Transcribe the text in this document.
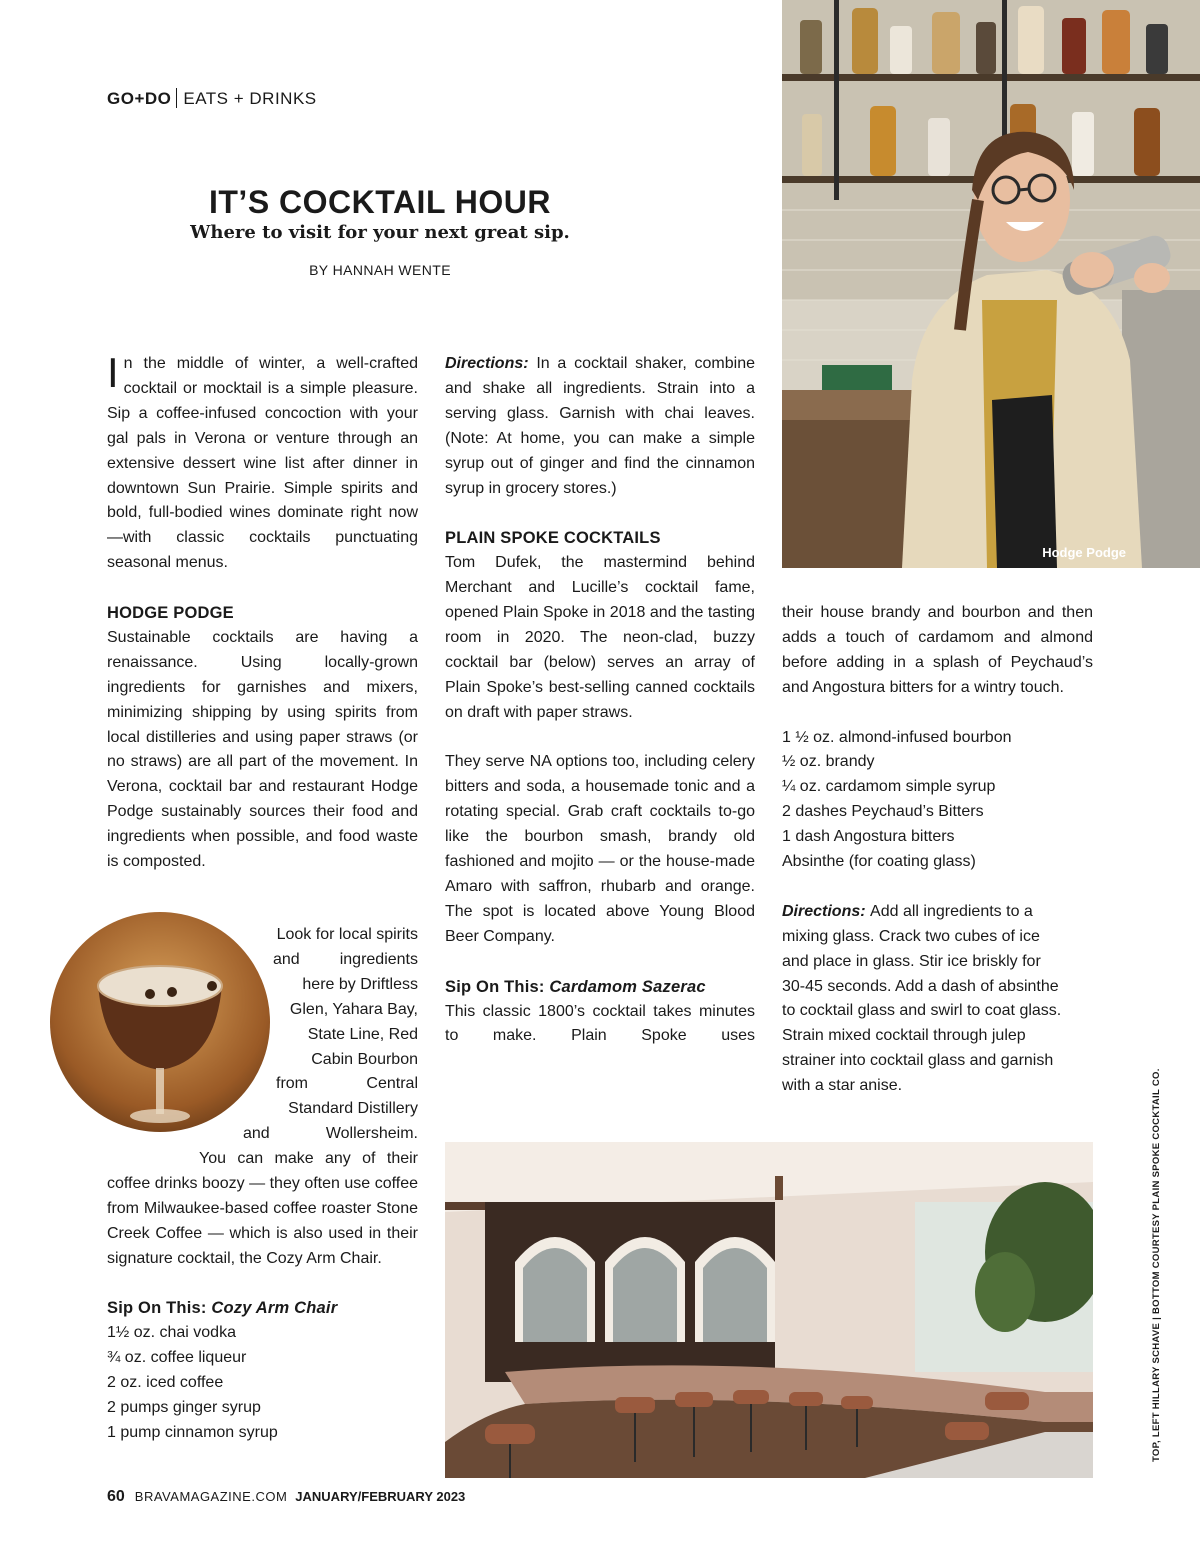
GO+DO EATS + DRINKS
IT’S COCKTAIL HOUR
Where to visit for your next great sip.
BY HANNAH WENTE
Hodge Podge

In the middle of winter, a well-crafted cocktail or mocktail is a simple pleasure. Sip a coffee-infused concoction with your gal pals in Verona or venture through an extensive dessert wine list after dinner in downtown Sun Prairie. Simple spirits and bold, full-bodied wines dominate right now—with classic cocktails punctuating seasonal menus.

HODGE PODGE

Sustainable cocktails are having a renaissance. Using locally-grown ingredients for garnishes and mixers, minimizing shipping by using spirits from local distilleries and using paper straws (or no straws) are all part of the movement. In Verona, cocktail bar and restaurant Hodge Podge sustainably sources their food and ingredients when possible, and food waste is composted.

Look for local spirits
and ingredients
here by Driftless
Glen, Yahara Bay,
State Line, Red
Cabin Bourbon
from Central
Standard Distillery
and Wollersheim.

You can make any of their coffee drinks boozy — they often use coffee from Milwaukee-based coffee roaster Stone Creek Coffee — which is also used in their signature cocktail, the Cozy Arm Chair.

Sip On This: Cozy Arm Chair
1½ oz. chai vodka
¾ oz. coffee liqueur
2 oz. iced coffee
2 pumps ginger syrup
1 pump cinnamon syrup

Directions: In a cocktail shaker, combine and shake all ingredients. Strain into a serving glass. Garnish with chai leaves. (Note: At home, you can make a simple syrup out of ginger and find the cinnamon syrup in grocery stores.)

PLAIN SPOKE COCKTAILS

Tom Dufek, the mastermind behind Merchant and Lucille’s cocktail fame, opened Plain Spoke in 2018 and the tasting room in 2020. The neon-clad, buzzy cocktail bar (below) serves an array of Plain Spoke’s best-selling canned cocktails on draft with paper straws.

They serve NA options too, including celery bitters and soda, a housemade tonic and a rotating special. Grab craft cocktails to-go like the bourbon smash, brandy old fashioned and mojito — or the house-made Amaro with saffron, rhubarb and orange. The spot is located above Young Blood Beer Company.

Sip On This: Cardamom Sazerac

This classic 1800’s cocktail takes minutes to make. Plain Spoke uses

their house brandy and bourbon and then adds a touch of cardamom and almond before adding in a splash of Peychaud’s and Angostura bitters for a wintry touch.

1 ½ oz. almond-infused bourbon
½ oz. brandy
¼ oz. cardamom simple syrup
2 dashes Peychaud’s Bitters
1 dash Angostura bitters
Absinthe (for coating glass)
Directions: Add all ingredients to a
mixing glass. Crack two cubes of ice
and place in glass. Stir ice briskly for
30-45 seconds. Add a dash of absinthe
to cocktail glass and swirl to coat glass.
Strain mixed cocktail through julep
strainer into cocktail glass and garnish
with a star anise.	TOP, LEFT HILLARY SCHAVE | BOTTOM COURTESY PLAIN SPOKE COCKTAIL CO.
60 BRAVAMAGAZINE.COM JANUARY/FEBRUARY 2023
